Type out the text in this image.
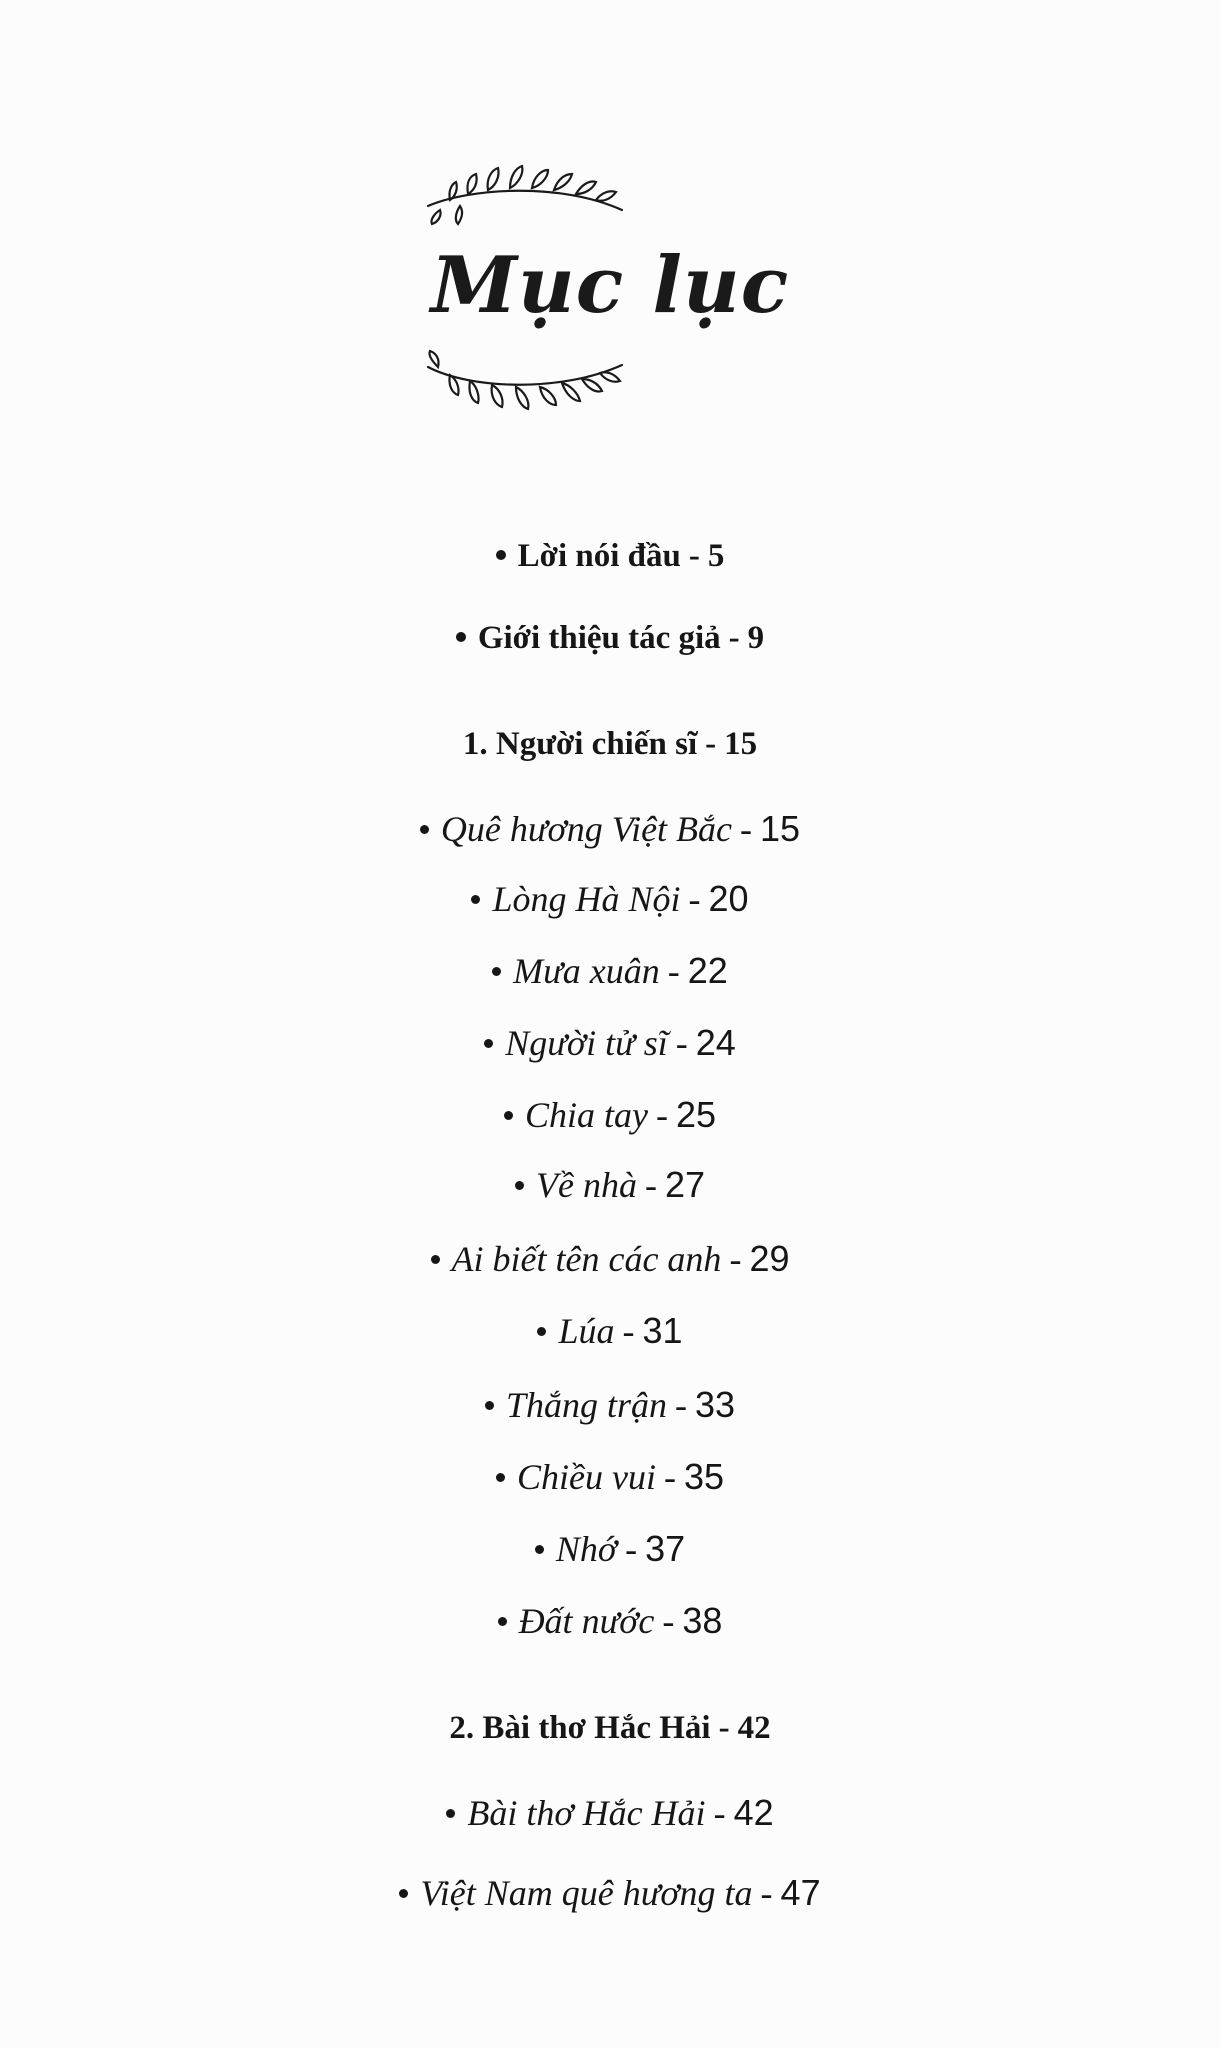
Mục lục
Lời nói đầu - 5
Giới thiệu tác giả - 9
1. Người chiến sĩ - 15
Quê hương Việt Bắc - 15
Lòng Hà Nội - 20
Mưa xuân - 22
Người tử sĩ - 24
Chia tay - 25
Về nhà - 27
Ai biết tên các anh - 29
Lúa - 31
Thắng trận - 33
Chiều vui - 35
Nhớ - 37
Đất nước - 38
2. Bài thơ Hắc Hải - 42
Bài thơ Hắc Hải - 42
Việt Nam quê hương ta - 47
